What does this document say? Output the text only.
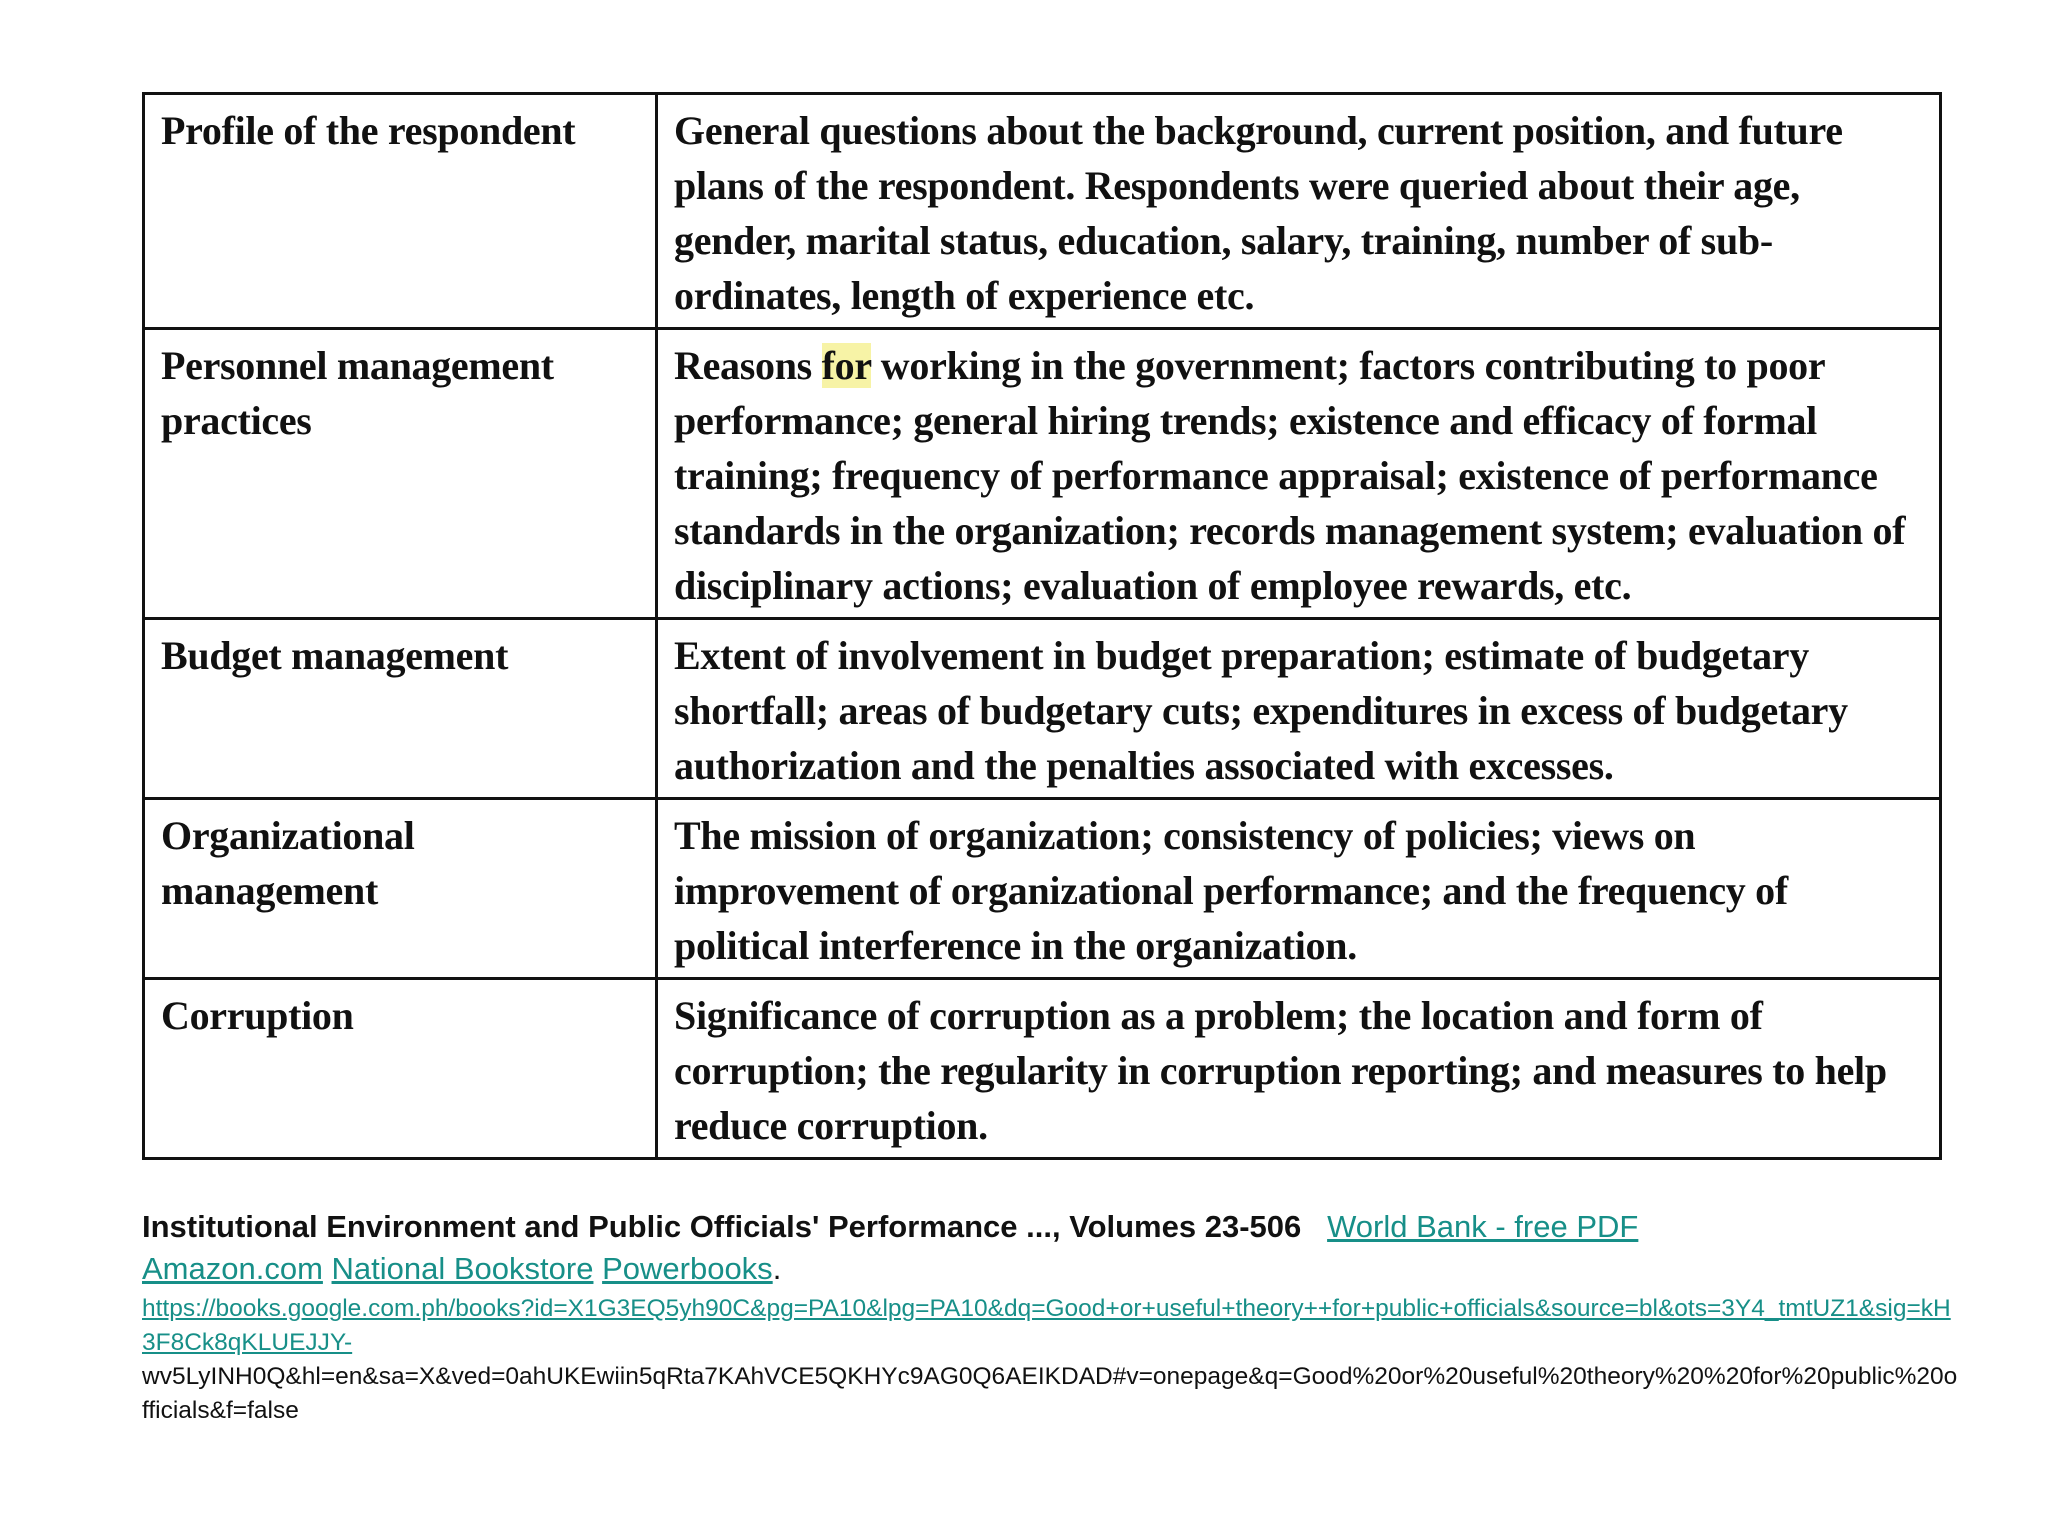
Profile of the respondent	General questions about the background, current position, and future plans of the respondent. Respondents were queried about their age, gender, marital status, education, salary, training, number of sub-ordinates, length of experience etc.
Personnel management practices	Reasons for working in the government; factors contributing to poor performance; general hiring trends; existence and efficacy of formal training; frequency of performance appraisal; existence of performance standards in the organization; records management system; evaluation of disciplinary actions; evaluation of employee rewards, etc.
Budget management	Extent of involvement in budget preparation; estimate of budgetary shortfall; areas of budgetary cuts; expenditures in excess of budgetary authorization and the penalties associated with excesses.
Organizational management	The mission of organization; consistency of policies; views on improvement of organizational performance; and the frequency of political interference in the organization.
Corruption	Significance of corruption as a problem; the location and form of corruption; the regularity in corruption reporting; and measures to help reduce corruption.
Institutional Environment and Public Officials' Performance ..., Volumes 23-506 World Bank - free PDF
Amazon.com National Bookstore Powerbooks.
https://books.google.com.ph/books?id=X1G3EQ5yh90C&pg=PA10&lpg=PA10&dq=Good+or+useful+theory++for+public+officials&source=bl&ots=3Y4_tmtUZ1&sig=kH3F8Ck8qKLUEJJY-
wv5LyINH0Q&hl=en&sa=X&ved=0ahUKEwiin5qRta7KAhVCE5QKHYc9AG0Q6AEIKDAD#v=onepage&q=Good%20or%20useful%20theory%20%20for%20public%20officials&f=false
